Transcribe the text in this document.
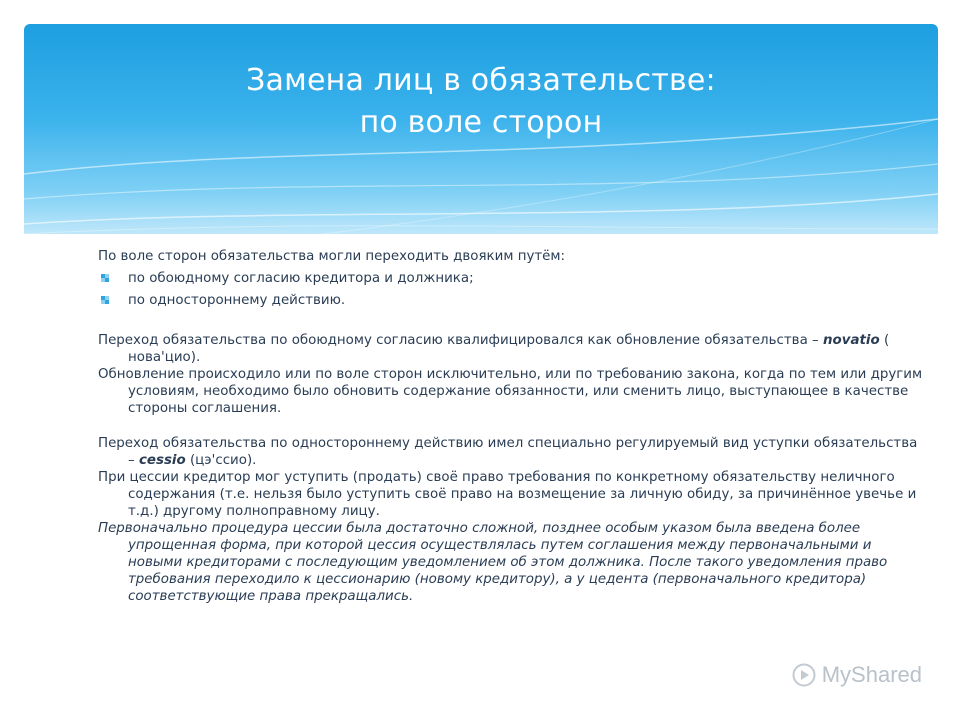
Замена лиц в обязательстве:
по воле сторон

По воле сторон обязательства могли переходить двояким путём:

по обоюдному согласию кредитора и должника;
по одностороннему действию.

Переход обязательства по обоюдному согласию квалифицировался как обновление обязательства – novatio ( нова'цио).

Обновление происходило или по воле сторон исключительно, или по требованию закона, когда по тем или другим условиям, необходимо было обновить содержание обязанности, или сменить лицо, выступающее в качестве стороны соглашения.

Переход обязательства по одностороннему действию имел специально регулируемый вид уступки обязательства – cessio (цэ'ссио).

При цессии кредитор мог уступить (продать) своё право требования по конкретному обязательству неличного содержания (т.е. нельзя было уступить своё право на возмещение за личную обиду, за причинённое увечье и т.д.) другому полноправному лицу.

Первоначально процедура цессии была достаточно сложной, позднее особым указом была введена более упрощенная форма, при которой цессия осуществлялась путем соглашения между первоначальными и новыми кредиторами с последующим уведомлением об этом должника. После такого уведомления право требования переходило к цессионарию (новому кредитору), а у цедента (первоначального кредитора) соответствующие права прекращались.

MyShared
